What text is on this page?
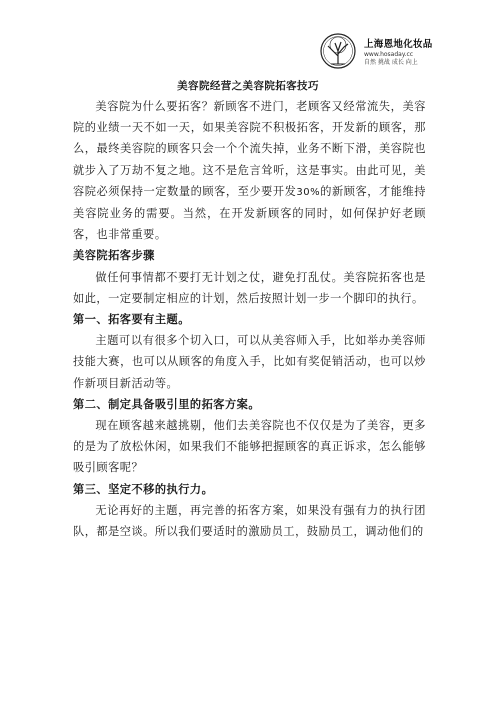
上海恩地化妆品
www.hosaday.cc
自然 挑战 成长 向上
美容院经营之美容院拓客技巧

美容院为什么要拓客？新顾客不进门，老顾客又经常流失，美容院的业绩一天不如一天，如果美容院不积极拓客，开发新的顾客，那么，最终美容院的顾客只会一个个流失掉，业务不断下滑，美容院也就步入了万劫不复之地。这不是危言耸听，这是事实。由此可见，美容院必须保持一定数量的顾客，至少要开发30%的新顾客，才能维持美容院业务的需要。当然，在开发新顾客的同时，如何保护好老顾客，也非常重要。

美容院拓客步骤

做任何事情都不要打无计划之仗，避免打乱仗。美容院拓客也是如此，一定要制定相应的计划，然后按照计划一步一个脚印的执行。

第一、拓客要有主题。

主题可以有很多个切入口，可以从美容师入手，比如举办美容师技能大赛，也可以从顾客的角度入手，比如有奖促销活动，也可以炒作新项目新活动等。

第二、制定具备吸引里的拓客方案。

现在顾客越来越挑剔，他们去美容院也不仅仅是为了美容，更多的是为了放松休闲，如果我们不能够把握顾客的真正诉求，怎么能够吸引顾客呢？

第三、坚定不移的执行力。

无论再好的主题，再完善的拓客方案，如果没有强有力的执行团队，都是空谈。所以我们要适时的激励员工，鼓励员工，调动他们的
